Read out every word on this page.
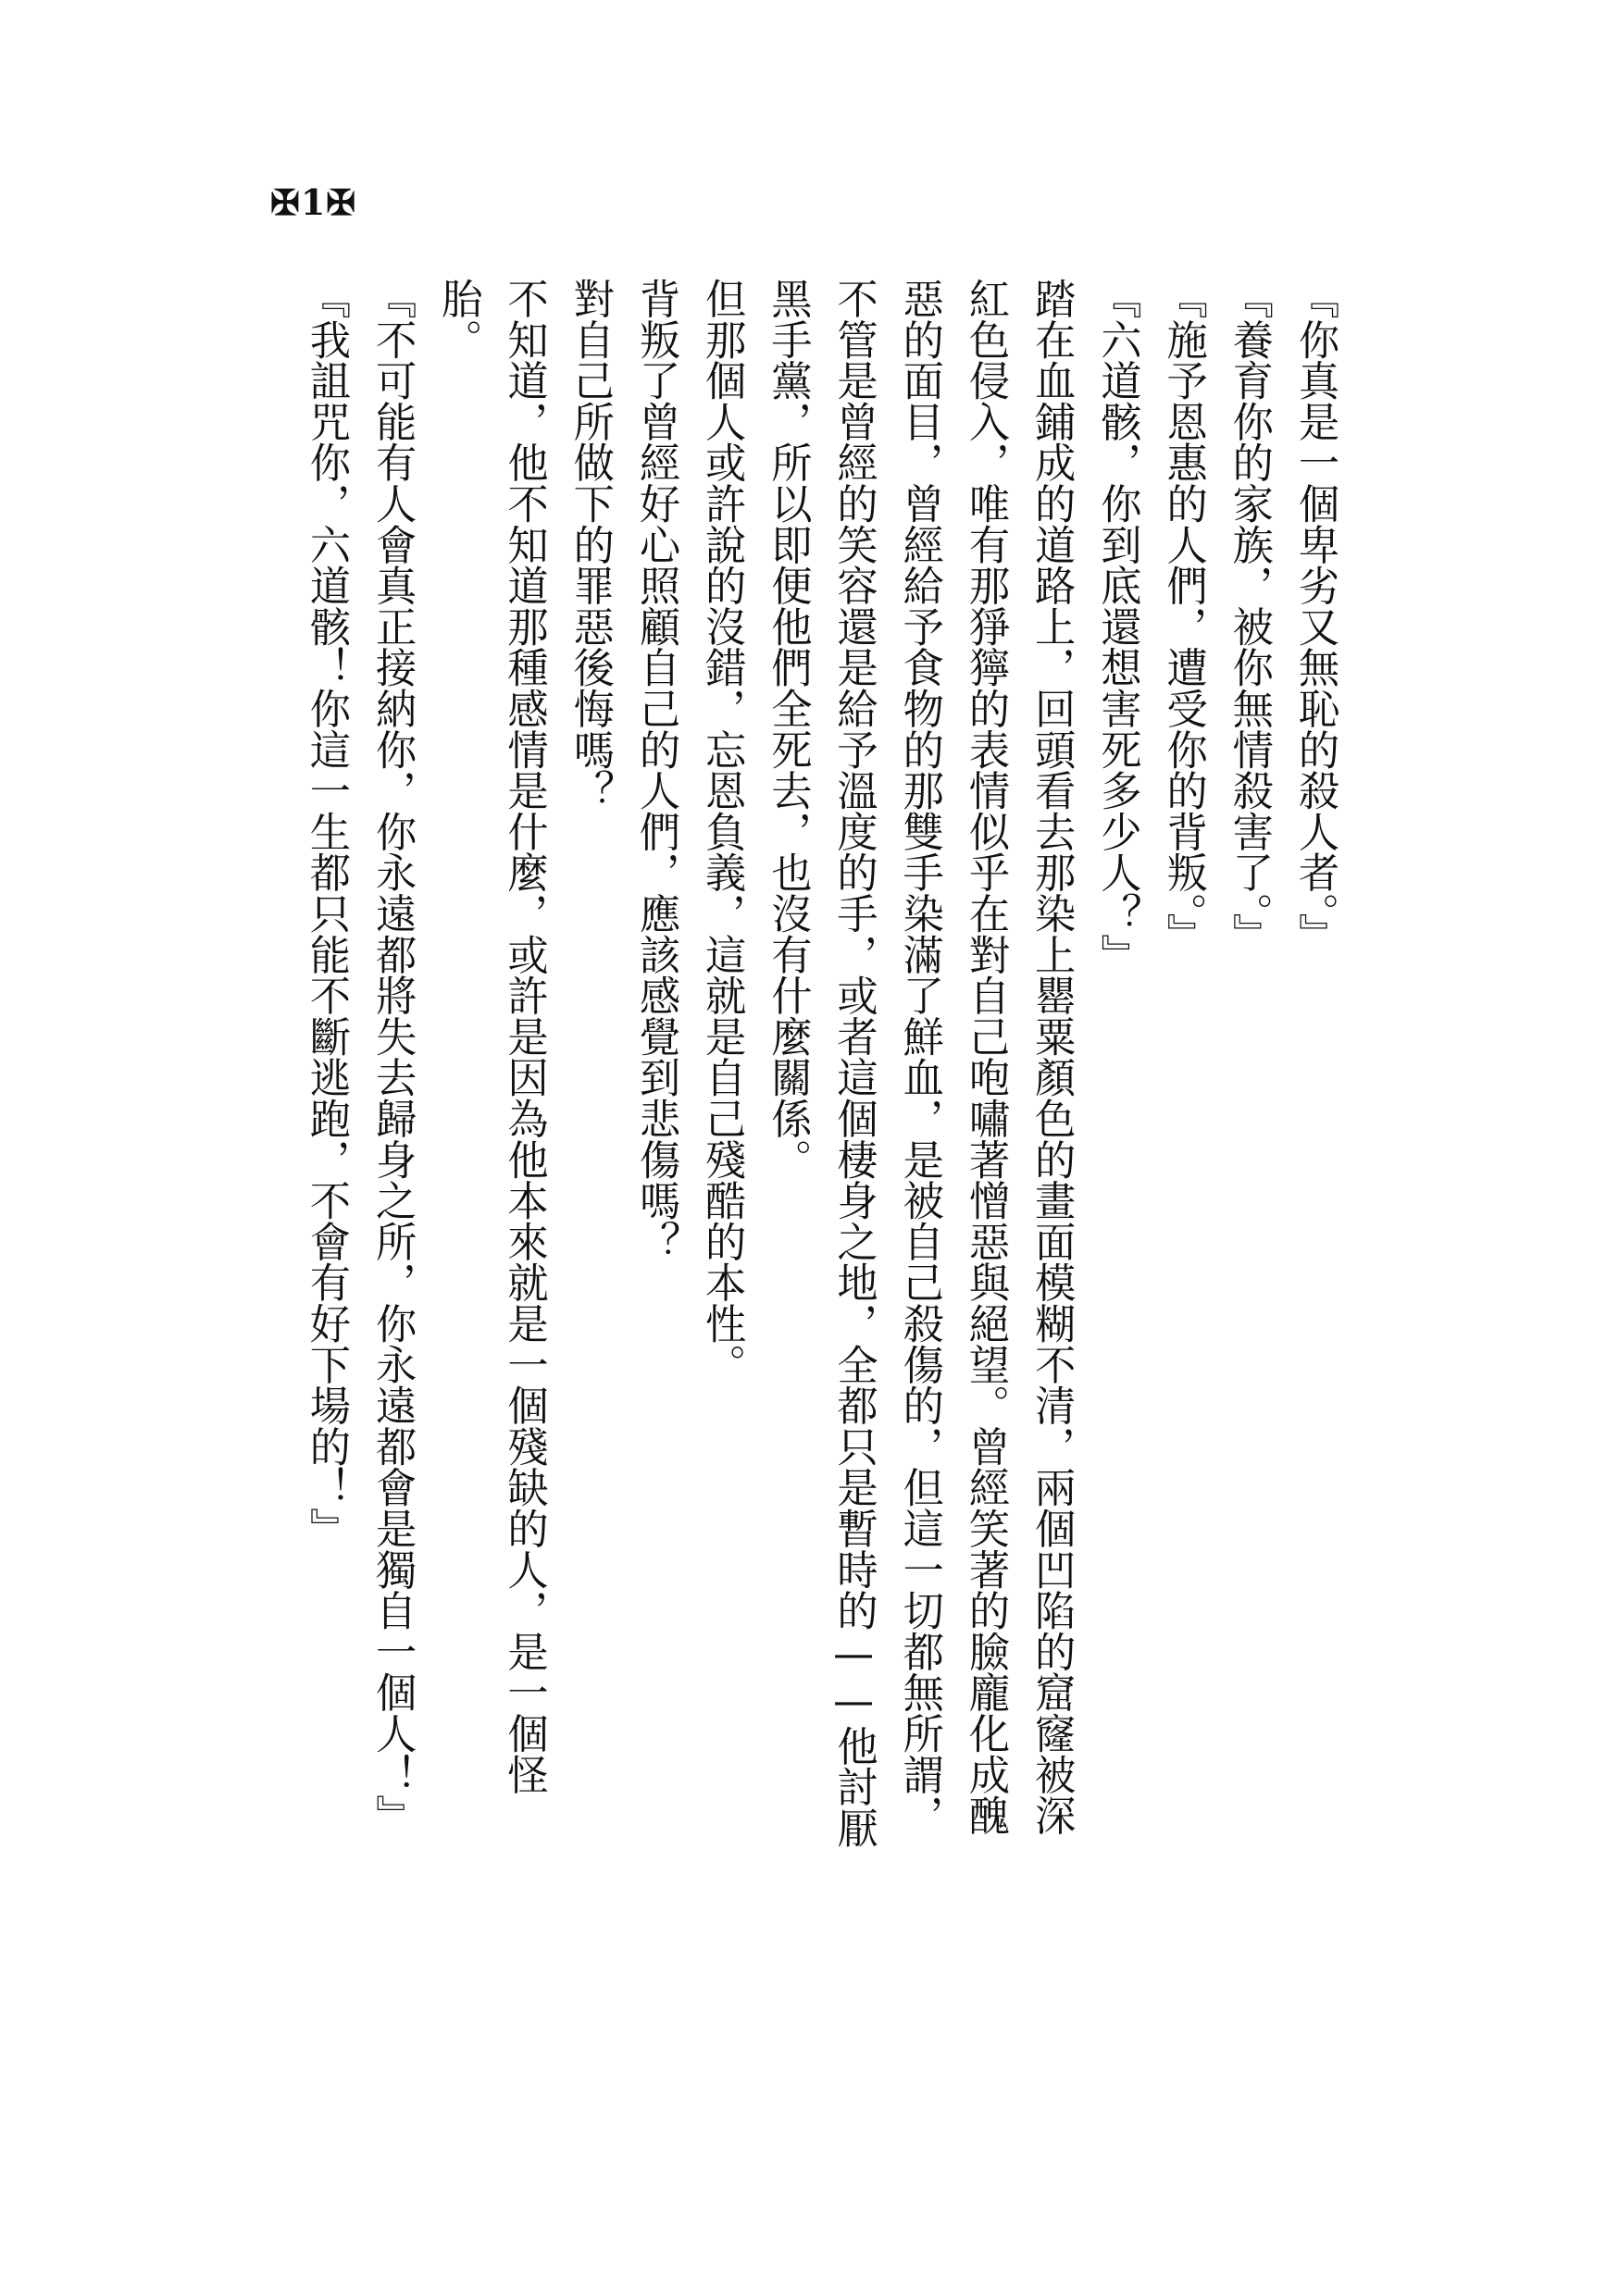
✠1✠

『你真是一個卑劣又無恥的殺人者。』

『養育你的家族，被你無情殺害了。』

『施予恩惠的人們，遭受你的背叛。』

『六道骸，你到底還想害死多少人？』

踏在血鋪成的道路上，回頭看去那染上罌粟顏色的畫面模糊不清，兩個凹陷的窟窿被深紅色侵入，唯有那猙獰的表情似乎在對自己咆嘯著憎惡與絕望。曾經笑著的臉龐化成醜惡的面目，曾經給予食物的那雙手染滿了鮮血，是被自己殺傷的，但這一切都無所謂，不管是曾經的笑容還是給予溫度的手，或者這個棲身之地，全都只是暫時的——他討厭黑手黨，所以即便他們全死去，也沒有什麼關係。

但那個人或許說的沒錯，忘恩負義，這就是自己殘酷的本性。

背叛了曾經好心照顧自己的人們，應該感覺到悲傷嗎？

對自己所做下的罪惡後悔嗎？

不知道，他不知道那種感情是什麼，或許是因為他本來就是一個殘缺的人，是一個怪胎。

『不可能有人會真正接納你，你永遠都將失去歸身之所，你永遠都會是獨自一個人！』

『我詛咒你，六道骸！你這一生都只能不斷逃跑，不會有好下場的！』
